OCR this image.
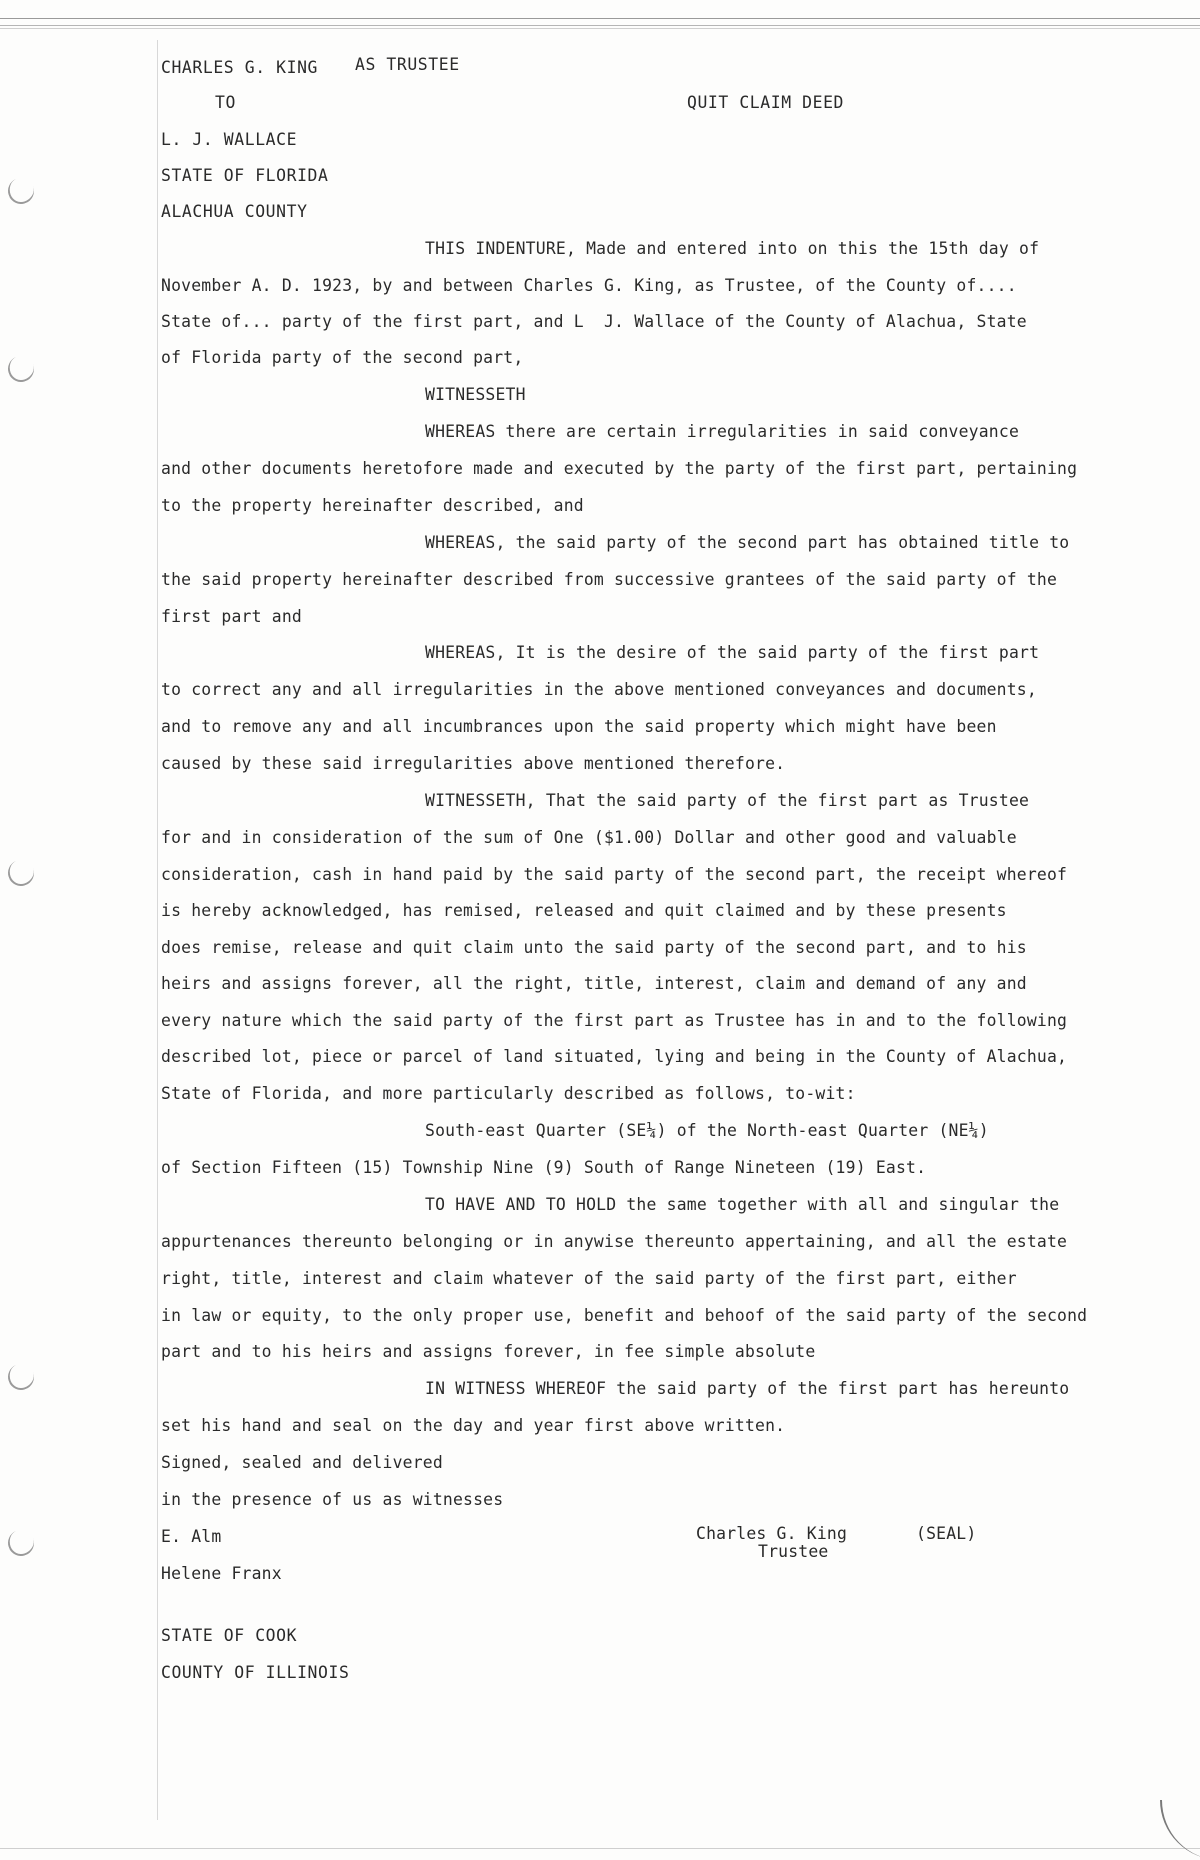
CHARLES G. KING AS TRUSTEE
TO	QUIT CLAIM DEED
L. J. WALLACE
STATE OF FLORIDA
ALACHUA COUNTY
THIS INDENTURE, Made and entered into on this the 15th day of
November A. D. 1923, by and between Charles G. King, as Trustee, of the County of....
State of... party of the first part, and L  J. Wallace of the County of Alachua, State
of Florida party of the second part,
WITNESSETH
WHEREAS there are certain irregularities in said conveyance
and other documents heretofore made and executed by the party of the first part, pertaining
to the property hereinafter described, and
WHEREAS, the said party of the second part has obtained title to
the said property hereinafter described from successive grantees of the said party of the
first part and
WHEREAS, It is the desire of the said party of the first part
to correct any and all irregularities in the above mentioned conveyances and documents,
and to remove any and all incumbrances upon the said property which might have been
caused by these said irregularities above mentioned therefore.
WITNESSETH, That the said party of the first part as Trustee
for and in consideration of the sum of One ($1.00) Dollar and other good and valuable
consideration, cash in hand paid by the said party of the second part, the receipt whereof
is hereby acknowledged, has remised, released and quit claimed and by these presents
does remise, release and quit claim unto the said party of the second part, and to his
heirs and assigns forever, all the right, title, interest, claim and demand of any and
every nature which the said party of the first part as Trustee has in and to the following
described lot, piece or parcel of land situated, lying and being in the County of Alachua,
State of Florida, and more particularly described as follows, to-wit:
South-east Quarter (SE¼) of the North-east Quarter (NE¼)
of Section Fifteen (15) Township Nine (9) South of Range Nineteen (19) East.
TO HAVE AND TO HOLD the same together with all and singular the
appurtenances thereunto belonging or in anywise thereunto appertaining, and all the estate
right, title, interest and claim whatever of the said party of the first part, either
in law or equity, to the only proper use, benefit and behoof of the said party of the second
part and to his heirs and assigns forever, in fee simple absolute
IN WITNESS WHEREOF the said party of the first part has hereunto
set his hand and seal on the day and year first above written.
Signed, sealed and delivered
in the presence of us as witnesses
E. Alm
Helene Franx
Charles G. King
Trustee
(SEAL)
STATE OF COOK
COUNTY OF ILLINOIS
